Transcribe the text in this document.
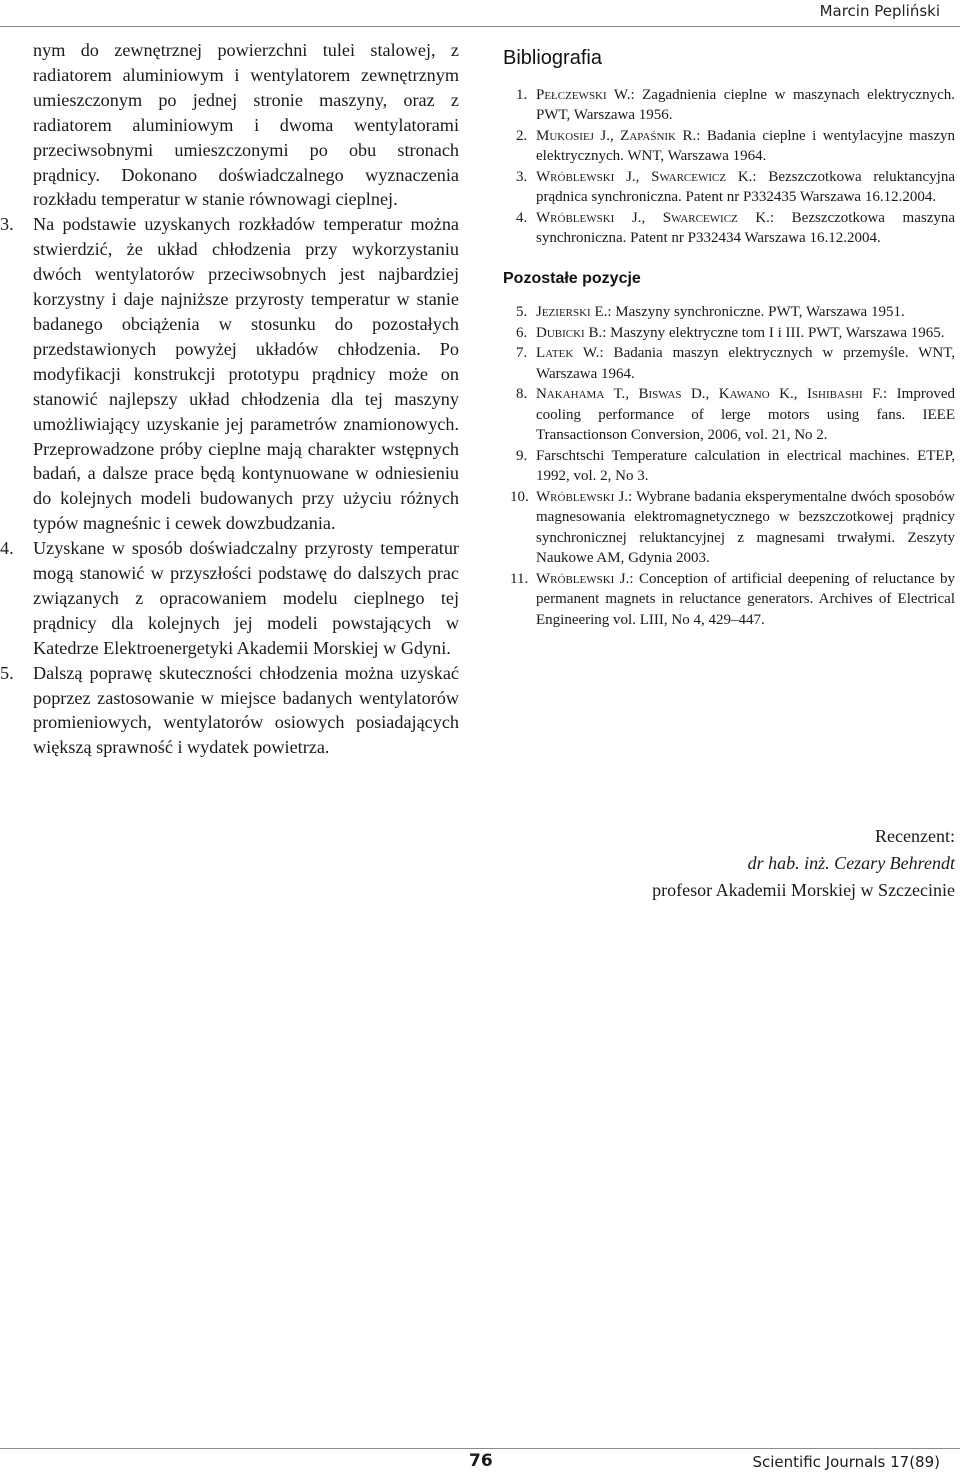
Marcin Pepliński

nym do zewnętrznej powierzchni tulei stalowej, z radiatorem aluminiowym i wentylatorem zewnętrznym umieszczonym po jednej stronie maszyny, oraz z radiatorem aluminiowym i dwoma wentylatorami przeciwsobnymi umieszczonymi po obu stronach prądnicy. Dokonano doświadczalnego wyznaczenia rozkładu temperatur w stanie równowagi cieplnej.

3. Na podstawie uzyskanych rozkładów temperatur można stwierdzić, że układ chłodzenia przy wykorzystaniu dwóch wentylatorów przeciwsobnych jest najbardziej korzystny i daje najniższe przyrosty temperatur w stanie badanego obciążenia w stosunku do pozostałych przedstawionych powyżej układów chłodzenia. Po modyfikacji konstrukcji prototypu prądnicy może on stanowić najlepszy układ chłodzenia dla tej maszyny umożliwiający uzyskanie jej parametrów znamionowych. Przeprowadzone próby cieplne mają charakter wstępnych badań, a dalsze prace będą kontynuowane w odniesieniu do kolejnych modeli budowanych przy użyciu różnych typów magneśnic i cewek dowzbudzania.
4. Uzyskane w sposób doświadczalny przyrosty temperatur mogą stanowić w przyszłości podstawę do dalszych prac związanych z opracowaniem modelu cieplnego tej prądnicy dla kolejnych jej modeli powstających w Katedrze Elektroenergetyki Akademii Morskiej w Gdyni.
5. Dalszą poprawę skuteczności chłodzenia można uzyskać poprzez zastosowanie w miejsce badanych wentylatorów promieniowych, wentylatorów osiowych posiadających większą sprawność i wydatek powietrza.
Bibliografia
1. Pełczewski W.: Zagadnienia cieplne w maszynach elektrycznych. PWT, Warszawa 1956.
2. Mukosiej J., Zapaśnik R.: Badania cieplne i wentylacyjne maszyn elektrycznych. WNT, Warszawa 1964.
3. Wróblewski J., Swarcewicz K.: Bezszczotkowa reluktancyjna prądnica synchroniczna. Patent nr P332435 Warszawa 16.12.2004.
4. Wróblewski J., Swarcewicz K.: Bezszczotkowa maszyna synchroniczna. Patent nr P332434 Warszawa 16.12.2004.
Pozostałe pozycje
5. Jezierski E.: Maszyny synchroniczne. PWT, Warszawa 1951.
6. Dubicki B.: Maszyny elektryczne tom I i III. PWT, Warszawa 1965.
7. Latek W.: Badania maszyn elektrycznych w przemyśle. WNT, Warszawa 1964.
8. Nakahama T., Biswas D., Kawano K., Ishibashi F.: Improved cooling performance of lerge motors using fans. IEEE Transactionson Conversion, 2006, vol. 21, No 2.
9. Farschtschi Temperature calculation in electrical machines. ETEP, 1992, vol. 2, No 3.
10. Wróblewski J.: Wybrane badania eksperymentalne dwóch sposobów magnesowania elektromagnetycznego w bezszczotkowej prądnicy synchronicznej reluktancyjnej z magnesami trwałymi. Zeszyty Naukowe AM, Gdynia 2003.
11. Wróblewski J.: Conception of artificial deepening of reluctance by permanent magnets in reluctance generators. Archives of Electrical Engineering vol. LIII, No 4, 429–447.
Recenzent:
dr hab. inż. Cezary Behrendt
profesor Akademii Morskiej w Szczecinie
76	Scientific Journals 17(89)
